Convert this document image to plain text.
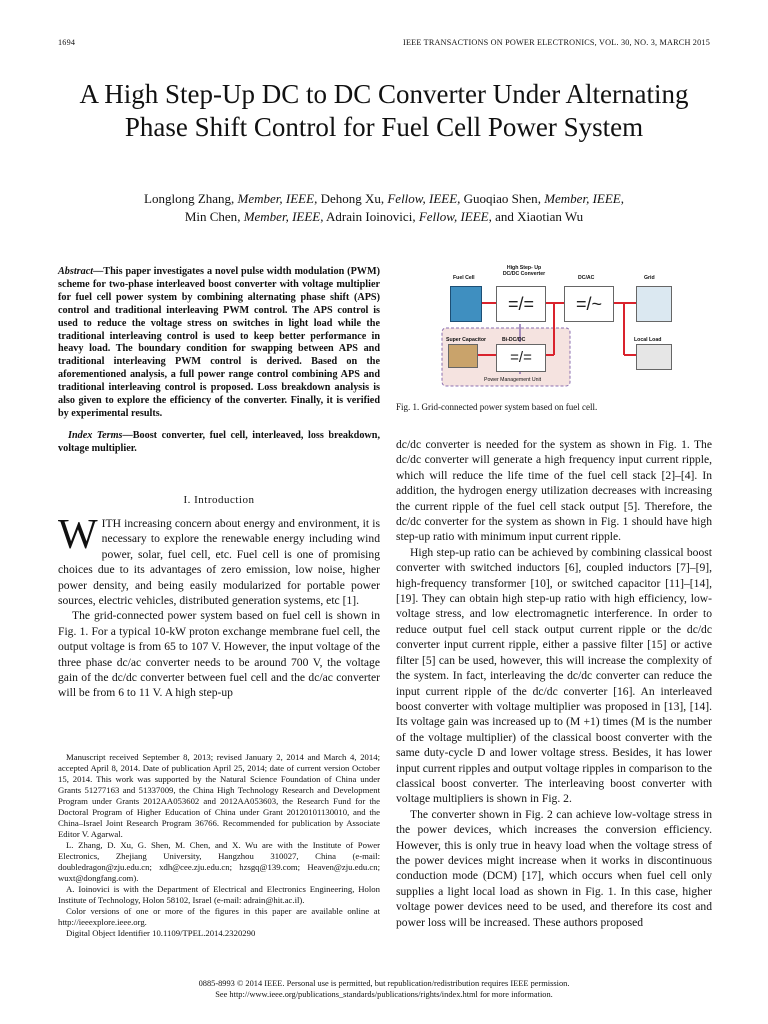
1694	IEEE TRANSACTIONS ON POWER ELECTRONICS, VOL. 30, NO. 3, MARCH 2015
A High Step-Up DC to DC Converter Under Alternating Phase Shift Control for Fuel Cell Power System
Longlong Zhang, Member, IEEE, Dehong Xu, Fellow, IEEE, Guoqiao Shen, Member, IEEE,
Min Chen, Member, IEEE, Adrain Ioinovici, Fellow, IEEE, and Xiaotian Wu
Abstract—This paper investigates a novel pulse width modulation (PWM) scheme for two-phase interleaved boost converter with voltage multiplier for fuel cell power system by combining alternating phase shift (APS) control and traditional interleaving PWM control. The APS control is used to reduce the voltage stress on switches in light load while the traditional interleaving control is used to keep better performance in heavy load. The boundary condition for swapping between APS and traditional interleaving PWM control is derived. Based on the aforementioned analysis, a full power range control combining APS and traditional interleaving control is proposed. Loss breakdown analysis is also given to explore the efficiency of the converter. Finally, it is verified by experimental results.
Index Terms—Boost converter, fuel cell, interleaved, loss breakdown, voltage multiplier.
I. Introduction

WITH increasing concern about energy and environment, it is necessary to explore the renewable energy including wind power, solar, fuel cell, etc. Fuel cell is one of promising choices due to its advantages of zero emission, low noise, higher power density, and being easily modularized for portable power sources, electric vehicles, distributed generation systems, etc [1].

The grid-connected power system based on fuel cell is shown in Fig. 1. For a typical 10-kW proton exchange membrane fuel cell, the output voltage is from 65 to 107 V. However, the input voltage of the three phase dc/ac converter needs to be around 700 V, the voltage gain of the dc/dc converter between fuel cell and the dc/ac converter will be from 6 to 11 V. A high step-up

Manuscript received September 8, 2013; revised January 2, 2014 and March 4, 2014; accepted April 8, 2014. Date of publication April 25, 2014; date of current version October 15, 2014. This work was supported by the Natural Science Foundation of China under Grants 51277163 and 51337009, the China High Technology Research and Development Program under Grants 2012AA053602 and 2012AA053603, the Research Fund for the Doctoral Program of Higher Education of China under Grant 20120101130010, and the China–Israel Joint Research Program 36766. Recommended for publication by Associate Editor V. Agarwal.

L. Zhang, D. Xu, G. Shen, M. Chen, and X. Wu are with the Institute of Power Electronics, Zhejiang University, Hangzhou 310027, China (e-mail: doubledragon@zju.edu.cn; xdh@cee.zju.edu.cn; hzsgq@139.com; Heaven@zju.edu.cn; wuxt@dongfang.com).

A. Ioinovici is with the Department of Electrical and Electronics Engineering, Holon Institute of Technology, Holon 58102, Israel (e-mail: adrain@hit.ac.il).

Color versions of one or more of the figures in this paper are available online at http://ieeexplore.ieee.org.

Digital Object Identifier 10.1109/TPEL.2014.2320290

Fuel Cell
High Step- Up DC/DC Converter
=/=
DC/AC
=/~
Grid
Super Capacitor	Bi-DC/DC
=/=
Local Load
Power Management Unit
Fig. 1. Grid-connected power system based on fuel cell.

dc/dc converter is needed for the system as shown in Fig. 1. The dc/dc converter will generate a high frequency input current ripple, which will reduce the life time of the fuel cell stack [2]–[4]. In addition, the hydrogen energy utilization decreases with increasing the current ripple of the fuel cell stack output [5]. Therefore, the dc/dc converter for the system as shown in Fig. 1 should have high step-up ratio with minimum input current ripple.

High step-up ratio can be achieved by combining classical boost converter with switched inductors [6], coupled inductors [7]–[9], high-frequency transformer [10], or switched capacitor [11]–[14], [19]. They can obtain high step-up ratio with high efficiency, low-voltage stress, and low electromagnetic interference. In order to reduce output fuel cell stack output current ripple or the dc/dc converter input current ripple, either a passive filter [15] or active filter [5] can be used, however, this will increase the complexity of the system. In fact, interleaving the dc/dc converter can reduce the input current ripple of the dc/dc converter [16]. An interleaved boost converter with voltage multiplier was proposed in [13], [14]. Its voltage gain was increased up to (M +1) times (M is the number of the voltage multiplier) of the classical boost converter with the same duty-cycle D and lower voltage stress. Besides, it has lower input current ripples and output voltage ripples in comparison to the classical boost converter. The interleaving boost converter with voltage multipliers is shown in Fig. 2.

The converter shown in Fig. 2 can achieve low-voltage stress in the power devices, which increases the conversion efficiency. However, this is only true in heavy load when the voltage stress of the power devices might increase when it works in discontinuous conduction mode (DCM) [17], which occurs when fuel cell only supplies a light local load as shown in Fig. 1. In this case, higher voltage power devices need to be used, and therefore its cost and power loss will be increased. These authors proposed

0885-8993 © 2014 IEEE. Personal use is permitted, but republication/redistribution requires IEEE permission.
See http://www.ieee.org/publications_standards/publications/rights/index.html for more information.
